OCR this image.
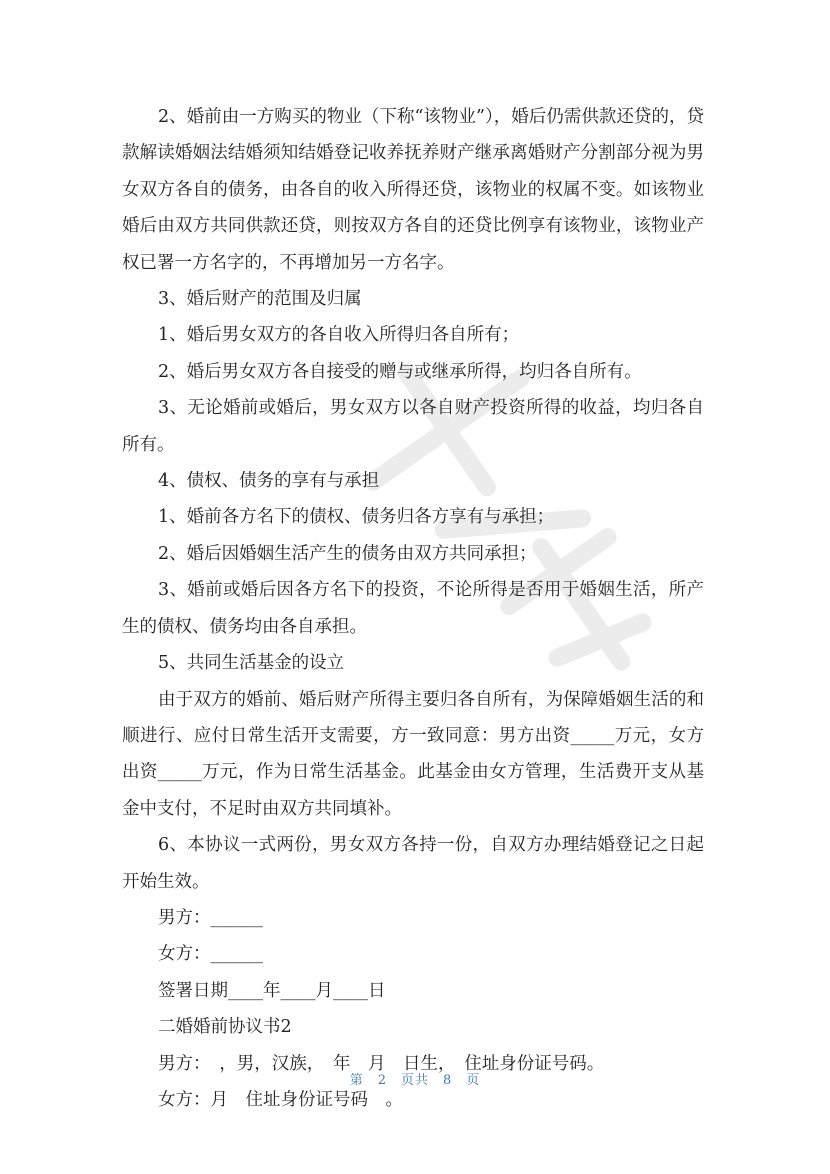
2、婚前由一方购买的物业（下称“该物业”），婚后仍需供款还贷的，贷款解读婚姻法结婚须知结婚登记收养抚养财产继承离婚财产分割部分视为男女双方各自的债务，由各自的收入所得还贷，该物业的权属不变。如该物业婚后由双方共同供款还贷，则按双方各自的还贷比例享有该物业，该物业产权已署一方名字的，不再增加另一方名字。

3、婚后财产的范围及归属

1、婚后男女双方的各自收入所得归各自所有；

2、婚后男女双方各自接受的赠与或继承所得，均归各自所有。

3、无论婚前或婚后，男女双方以各自财产投资所得的收益，均归各自所有。

4、债权、债务的享有与承担

1、婚前各方名下的债权、债务归各方享有与承担；

2、婚后因婚姻生活产生的债务由双方共同承担；

3、婚前或婚后因各方名下的投资，不论所得是否用于婚姻生活，所产生的债权、债务均由各自承担。

5、共同生活基金的设立

由于双方的婚前、婚后财产所得主要归各自所有，为保障婚姻生活的和顺进行、应付日常生活开支需要，方一致同意：男方出资_____万元，女方出资_____万元，作为日常生活基金。此基金由女方管理，生活费开支从基金中支付，不足时由双方共同填补。

6、本协议一式两份，男女双方各持一份，自双方办理结婚登记之日起开始生效。

男方：______

女方：______

签署日期____年____月____日

二婚婚前协议书2

男方：　，男，汉族，　年　月　日生，　住址身份证号码。

女方：月　住址身份证号码　。

第　2　页共　8　页
